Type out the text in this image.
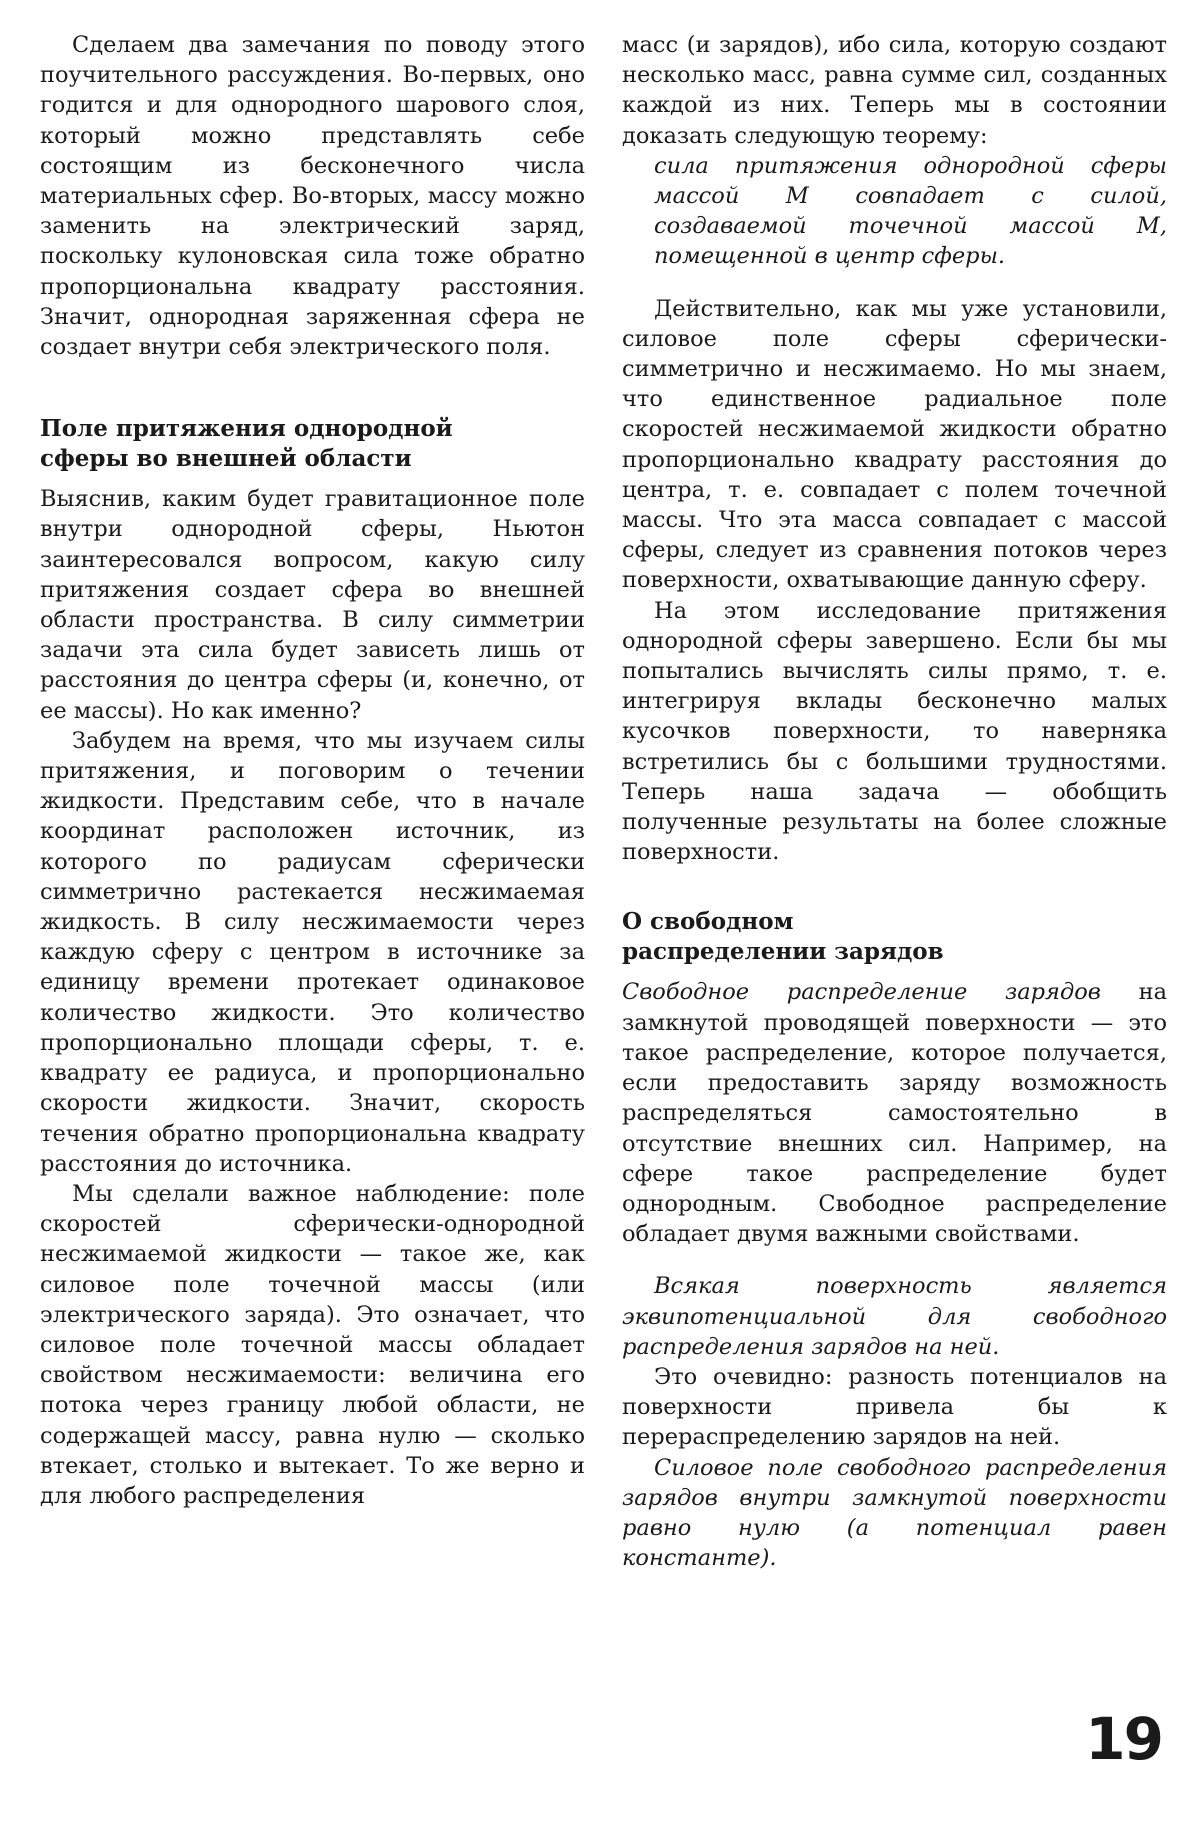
Сделаем два замечания по поводу этого поучительного рассуждения. Во-первых, оно годится и для однородного шарового слоя, который можно представлять себе состоящим из бесконечного числа материальных сфер. Во-вторых, массу можно заменить на электрический заряд, поскольку кулоновская сила тоже обратно пропорциональна квадрату расстояния. Значит, однородная заряженная сфера не создает внутри себя электрического поля.

Поле притяжения однородной
сферы во внешней области

Выяснив, каким будет гравитационное поле внутри однородной сферы, Ньютон заинтересовался вопросом, какую силу притяжения создает сфера во внешней области пространства. В силу симметрии задачи эта сила будет зависеть лишь от расстояния до центра сферы (и, конечно, от ее массы). Но как именно?

Забудем на время, что мы изучаем силы притяжения, и поговорим о течении жидкости. Представим себе, что в начале координат расположен источник, из которого по радиусам сферически симметрично растекается несжимаемая жидкость. В силу несжимаемости через каждую сферу с центром в источнике за единицу времени протекает одинаковое количество жидкости. Это количество пропорционально площади сферы, т. е. квадрату ее радиуса, и пропорционально скорости жидкости. Значит, скорость течения обратно пропорциональна квадрату расстояния до источника.

Мы сделали важное наблюдение: поле скоростей сферически-однородной несжимаемой жидкости — такое же, как силовое поле точечной массы (или электрического заряда). Это означает, что силовое поле точечной массы обладает свойством несжимаемости: величина его потока через границу любой области, не содержащей массу, равна нулю — сколько втекает, столько и вытекает. То же верно и для любого распределения

масс (и зарядов), ибо сила, которую создают несколько масс, равна сумме сил, созданных каждой из них. Теперь мы в состоянии доказать следующую теорему:

сила притяжения однородной сферы массой M совпадает с силой, создаваемой точечной массой M, помещенной в центр сферы.

Действительно, как мы уже установили, силовое поле сферы сферически-симметрично и несжимаемо. Но мы знаем, что единственное радиальное поле скоростей несжимаемой жидкости обратно пропорционально квадрату расстояния до центра, т. е. совпадает с полем точечной массы. Что эта масса совпадает с массой сферы, следует из сравнения потоков через поверхности, охватывающие данную сферу.

На этом исследование притяжения однородной сферы завершено. Если бы мы попытались вычислять силы прямо, т. е. интегрируя вклады бесконечно малых кусочков поверхности, то наверняка встретились бы с большими трудностями. Теперь наша задача — обобщить полученные результаты на более сложные поверхности.

О свободном
распределении зарядов

Свободное распределение зарядов на замкнутой проводящей поверхности — это такое распределение, которое получается, если предоставить заряду возможность распределяться самостоятельно в отсутствие внешних сил. Например, на сфере такое распределение будет однородным. Свободное распределение обладает двумя важными свойствами.

Всякая поверхность является эквипотенциальной для свободного распределения зарядов на ней.

Это очевидно: разность потенциалов на поверхности привела бы к перераспределению зарядов на ней.

Силовое поле свободного распределения зарядов внутри замкнутой поверхности равно нулю (а потенциал равен константе).

19
